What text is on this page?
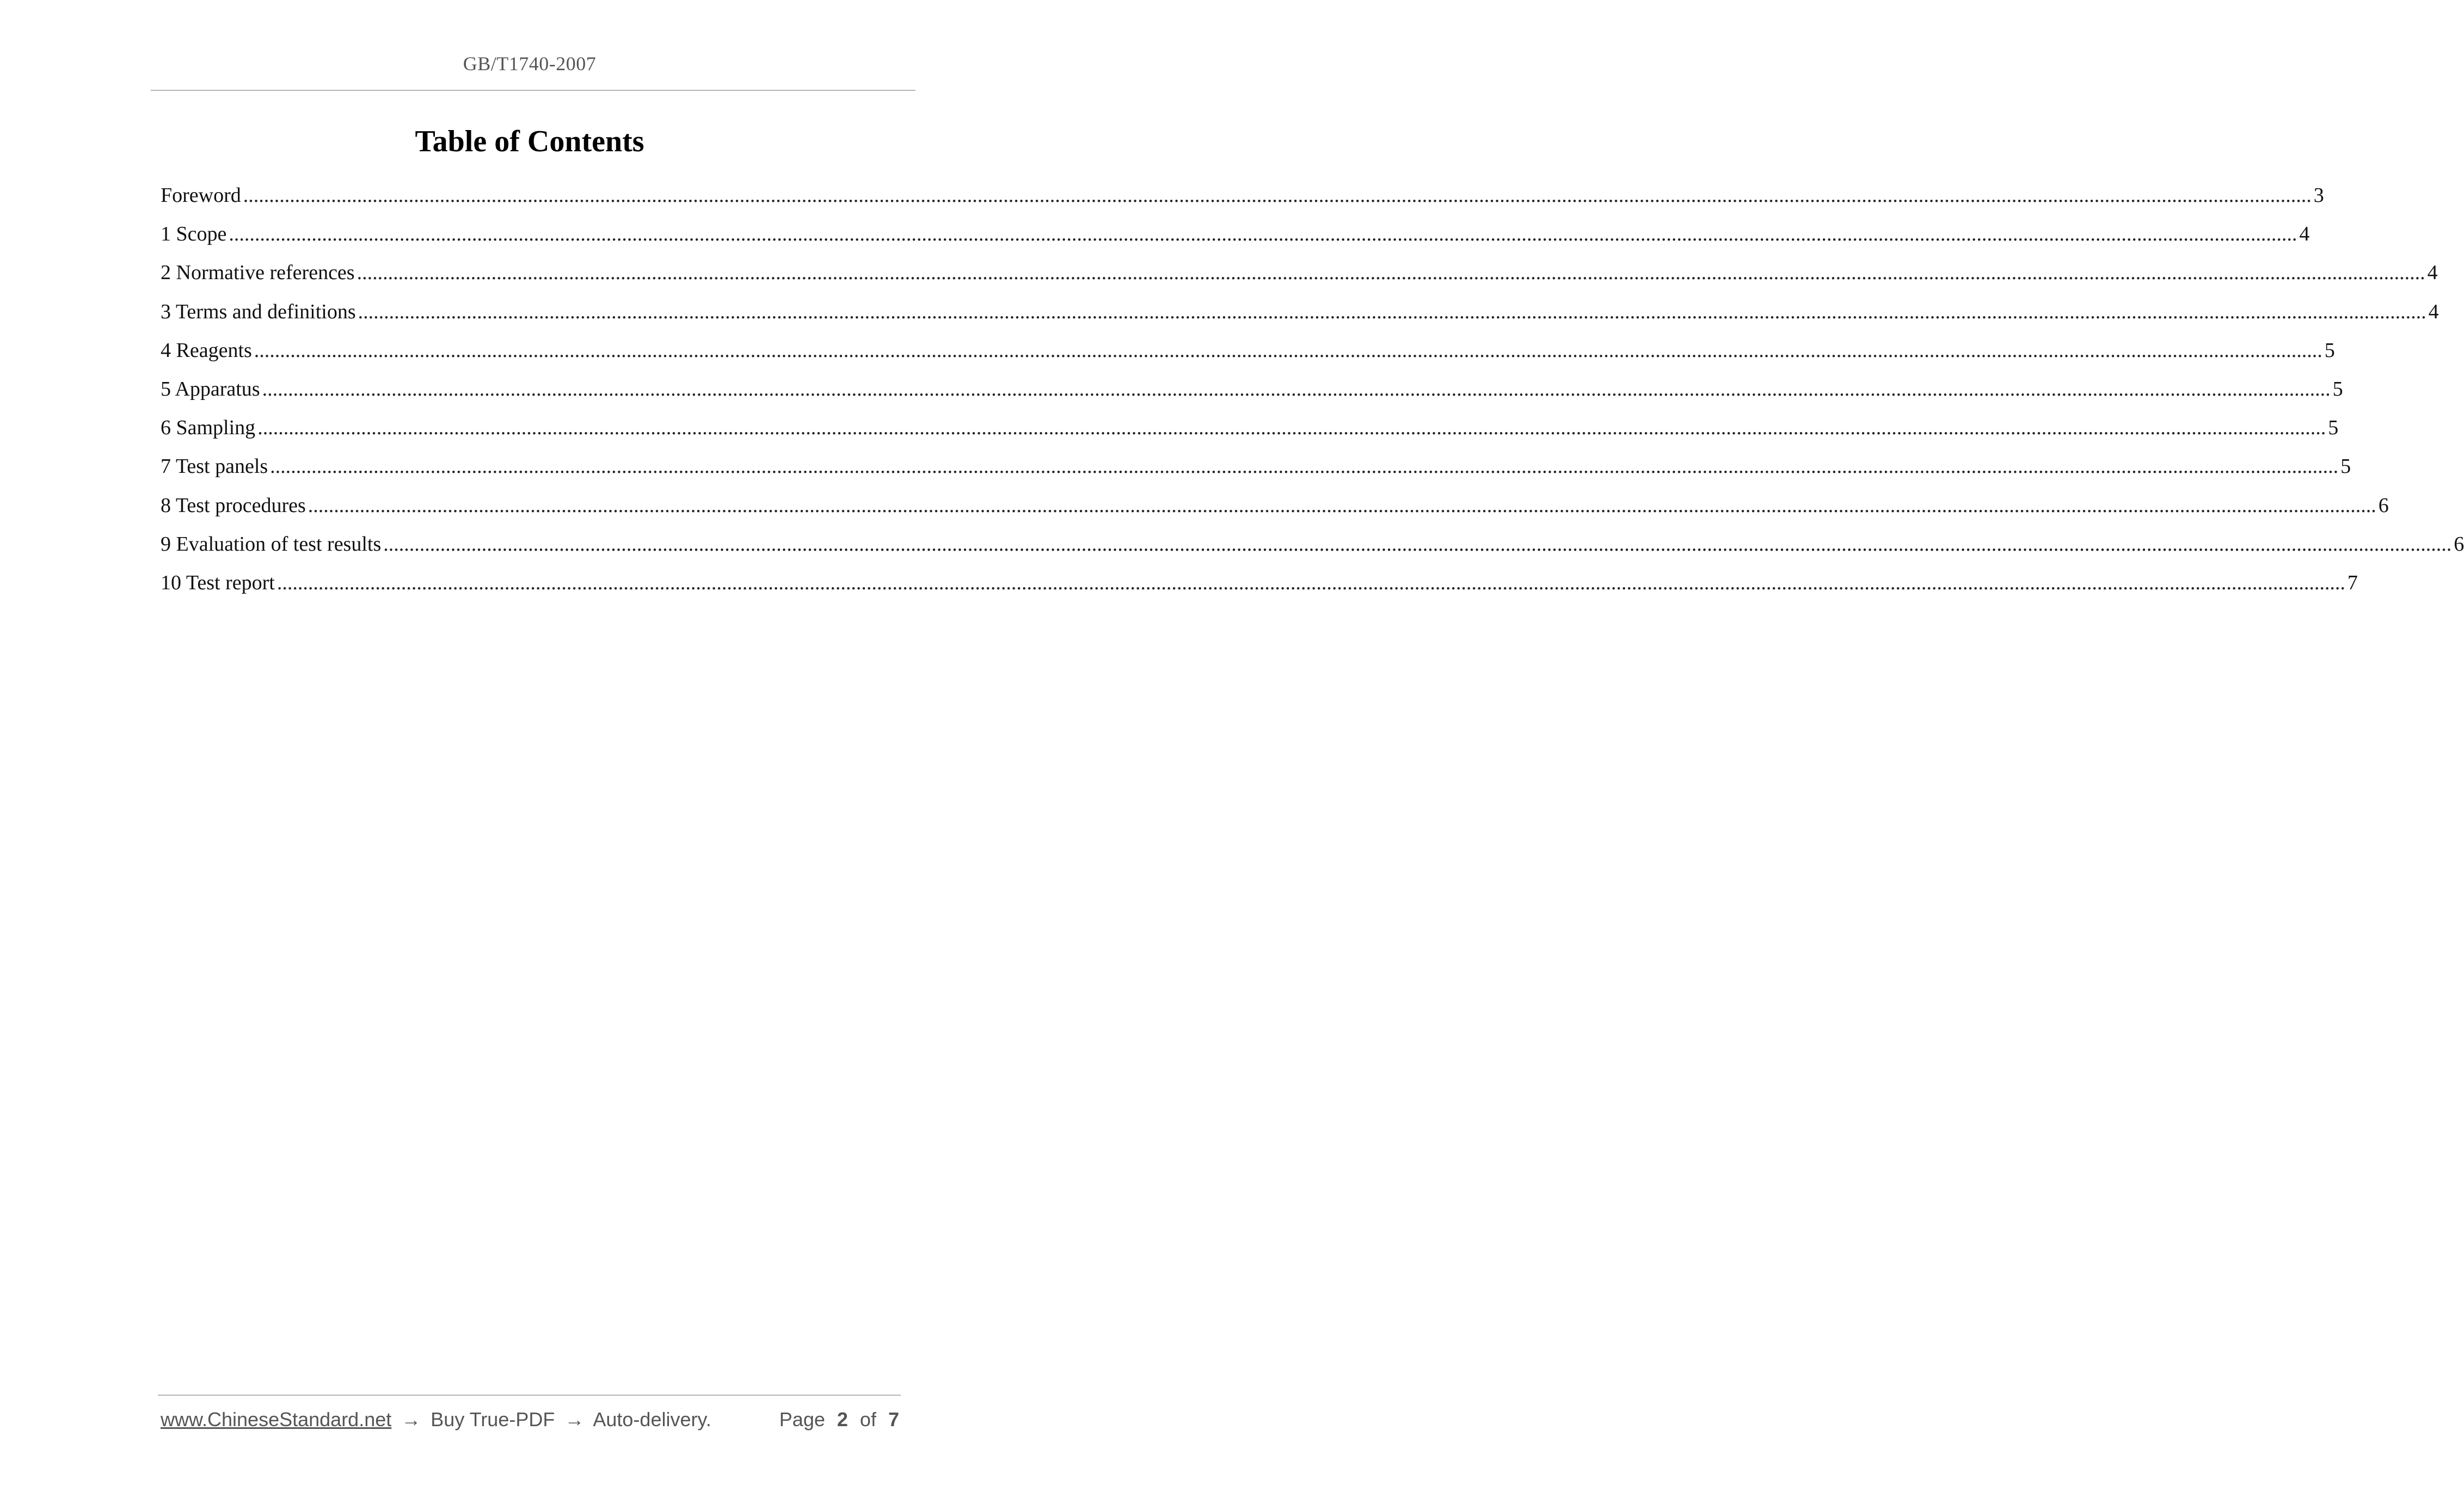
GB/T1740-2007
Table of Contents
Foreword ................................................................................................................................................................................................................................................................................................................................................................................................................ 3
1 Scope ................................................................................................................................................................................................................................................................................................................................................................................................................ 4
2 Normative references ................................................................................................................................................................................................................................................................................................................................................................................................................ 4
3 Terms and definitions ................................................................................................................................................................................................................................................................................................................................................................................................................ 4
4 Reagents ................................................................................................................................................................................................................................................................................................................................................................................................................ 5
5 Apparatus ................................................................................................................................................................................................................................................................................................................................................................................................................ 5
6 Sampling ................................................................................................................................................................................................................................................................................................................................................................................................................ 5
7 Test panels ................................................................................................................................................................................................................................................................................................................................................................................................................ 5
8 Test procedures ................................................................................................................................................................................................................................................................................................................................................................................................................ 6
9 Evaluation of test results ................................................................................................................................................................................................................................................................................................................................................................................................................ 6
10 Test report ................................................................................................................................................................................................................................................................................................................................................................................................................ 7
www.ChineseStandard.net → Buy True-PDF → Auto-delivery.	Page 2 of 7
